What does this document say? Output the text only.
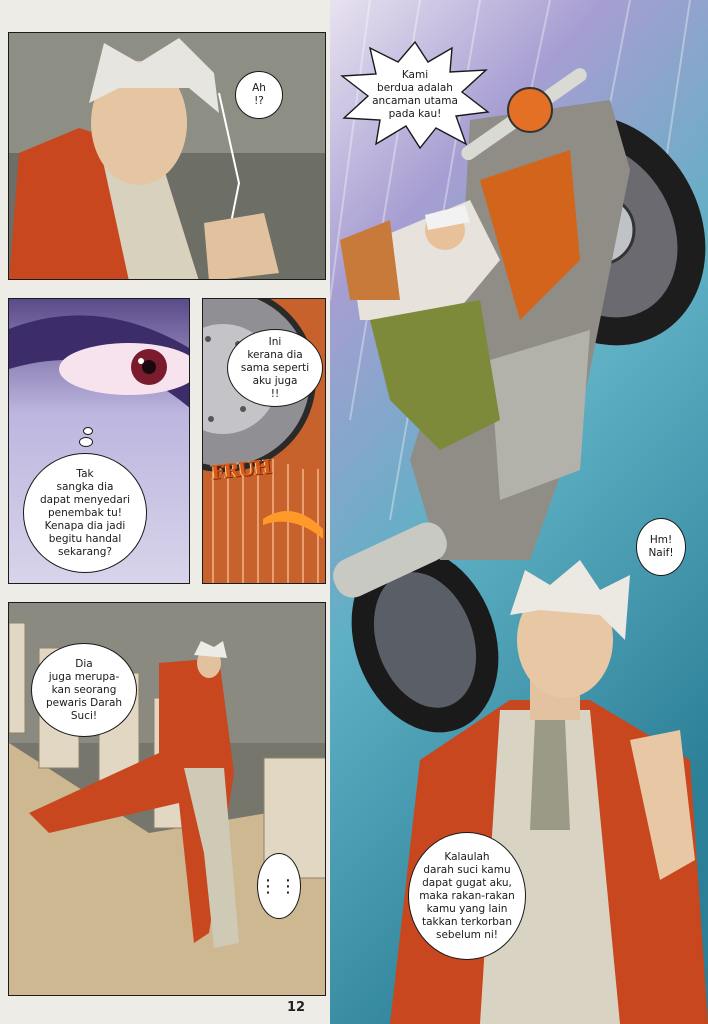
Ah
!?
Tak
sangka dia
dapat menyedari
penembak tu!
Kenapa dia jadi
begitu handal
sekarang?
Ini
kerana dia
sama seperti
aku juga
!!
FRUH
Dia
juga merupa-
kan seorang
pewaris Darah
Suci!
⋮⋮
Kami
berdua adalah
ancaman utama
pada kau!
Hm!
Naif!
Kalaulah
darah suci kamu
dapat gugat aku,
maka rakan-rakan
kamu yang lain
takkan terkorban
sebelum ni!
12
